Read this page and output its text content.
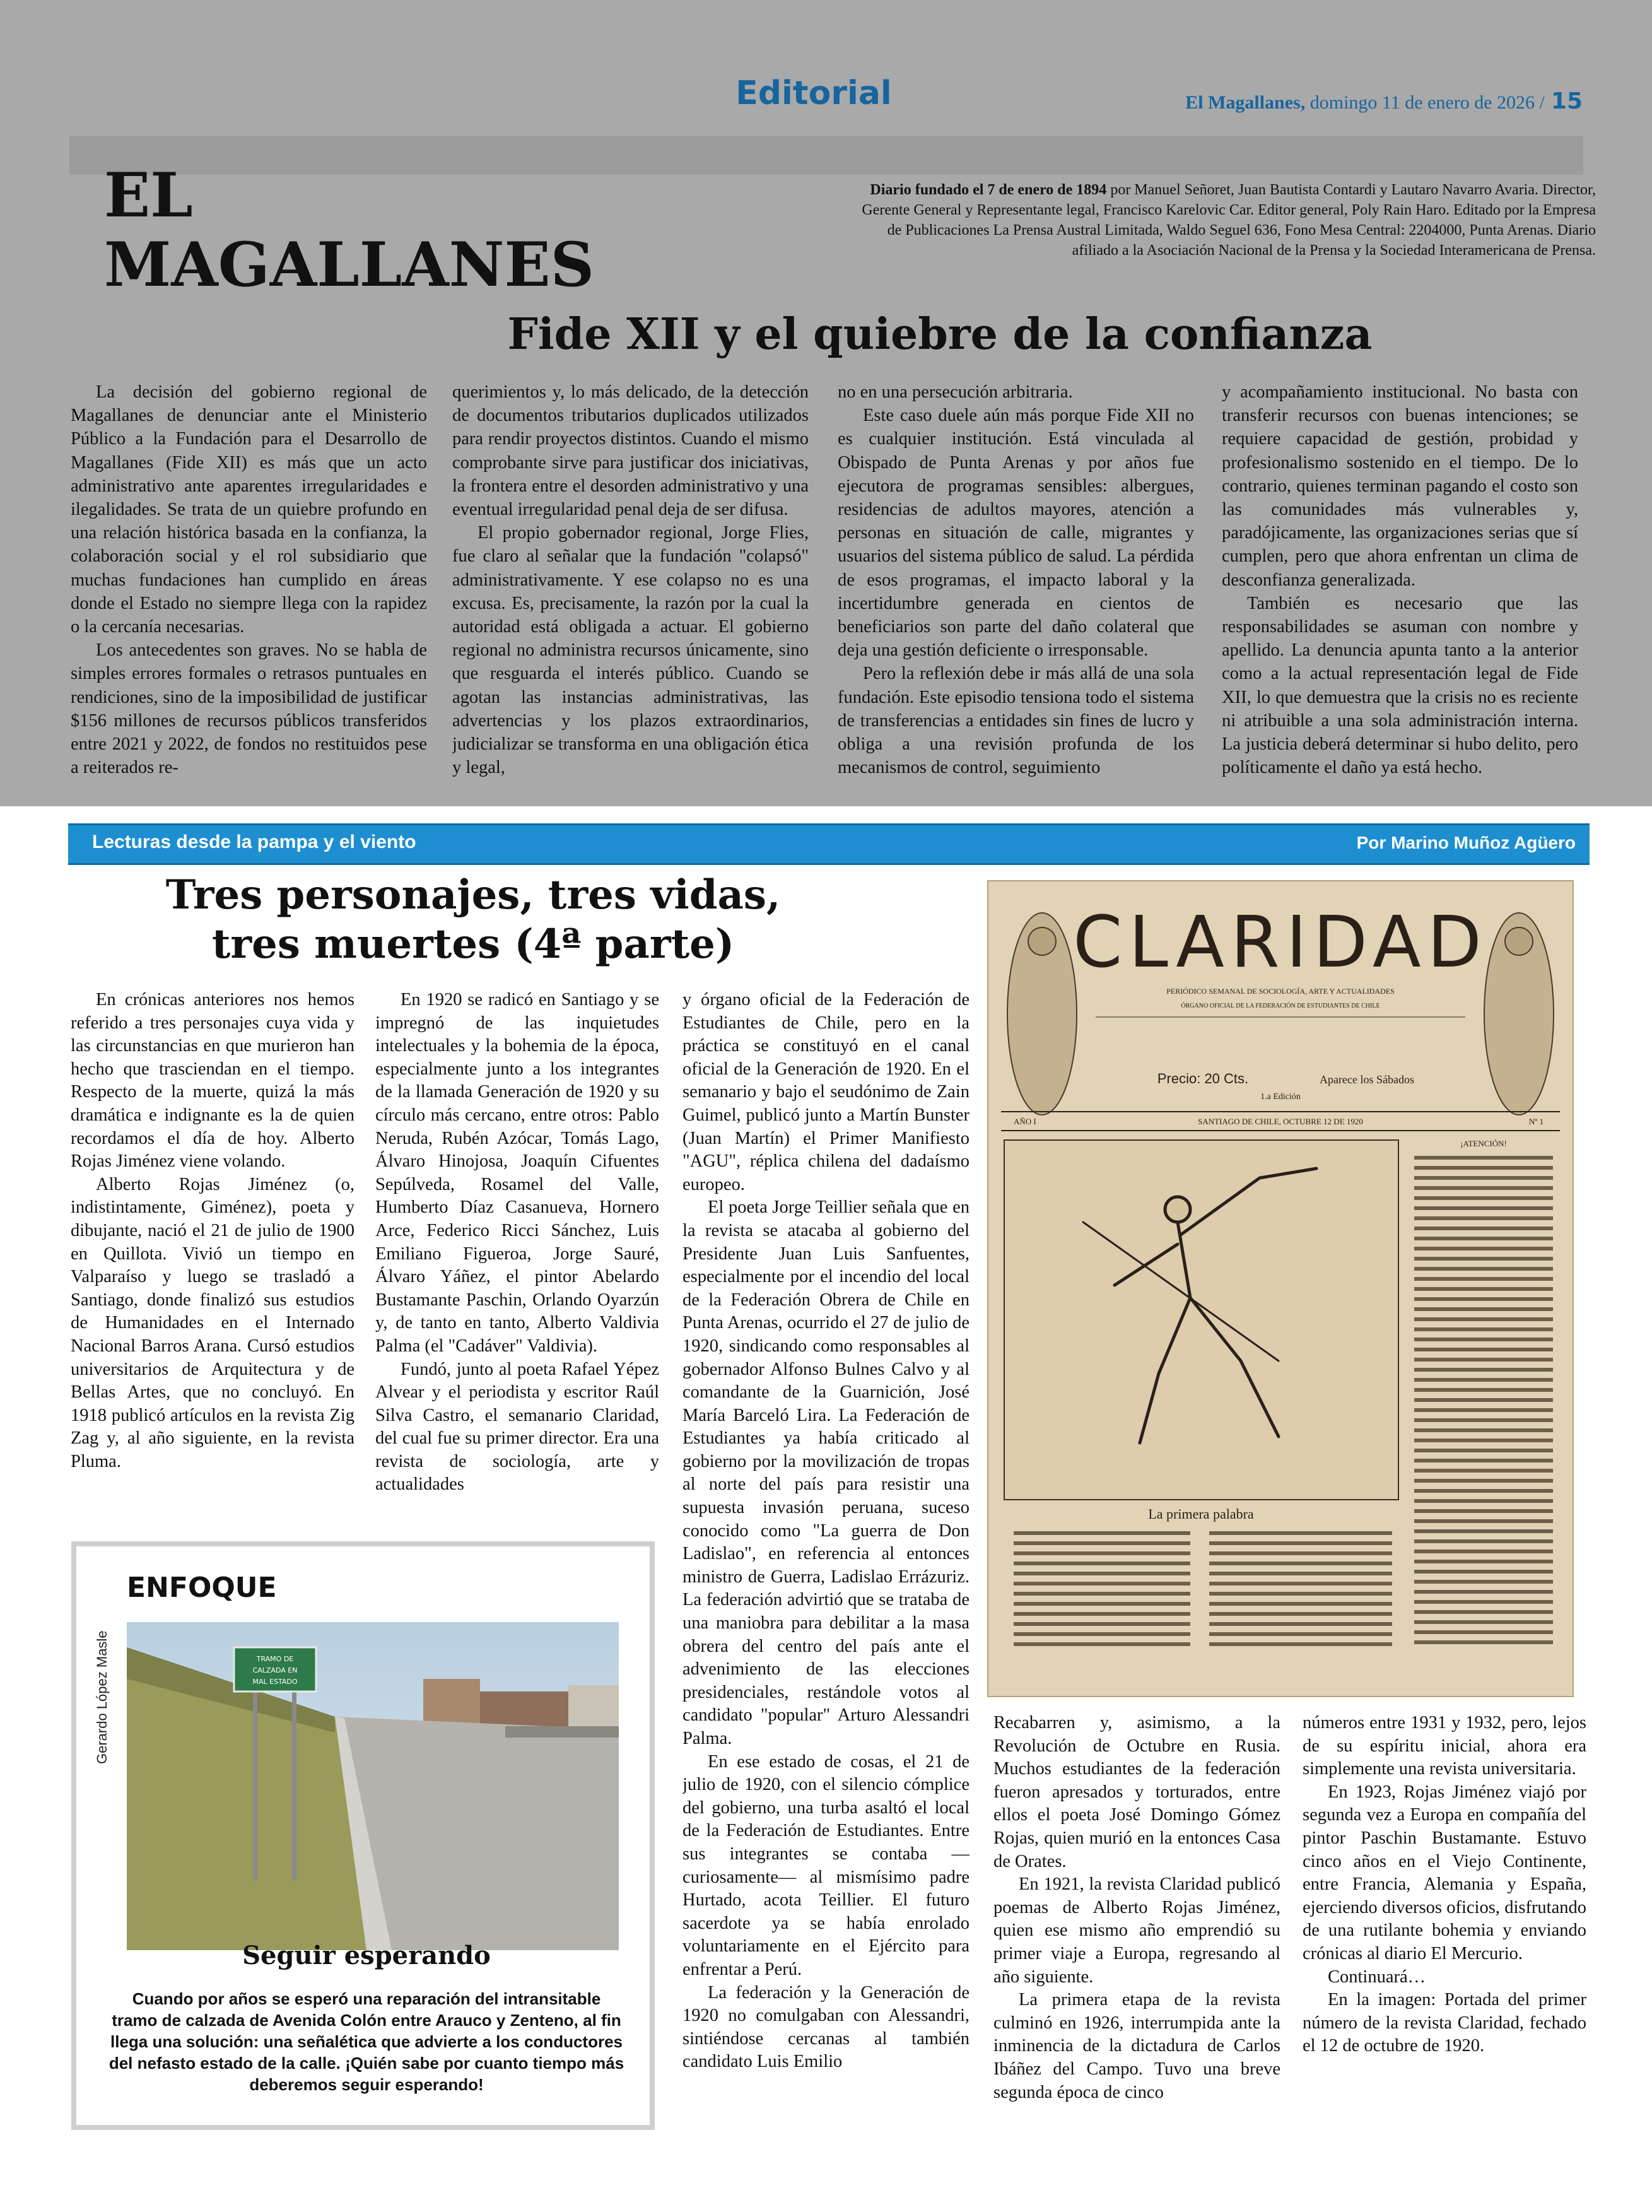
Editorial	El Magallanes, domingo 11 de enero de 2026 / 15
EL
MAGALLANES
Diario fundado el 7 de enero de 1894 por Manuel Señoret, Juan Bautista Contardi y Lautaro Navarro Avaria. Director, Gerente General y Representante legal, Francisco Karelovic Car. Editor general, Poly Rain Haro. Editado por la Empresa de Publicaciones La Prensa Austral Limitada, Waldo Seguel 636, Fono Mesa Central: 2204000, Punta Arenas. Diario afiliado a la Asociación Nacional de la Prensa y la Sociedad Interamericana de Prensa.
Fide XII y el quiebre de la confianza

La decisión del gobierno regional de Magallanes de denunciar ante el Ministerio Público a la Fundación para el Desarrollo de Magallanes (Fide XII) es más que un acto administrativo ante aparentes irregularidades e ilegalidades. Se trata de un quiebre profundo en una relación histórica basada en la confianza, la colaboración social y el rol subsidiario que muchas fundaciones han cumplido en áreas donde el Estado no siempre llega con la rapidez o la cercanía necesarias.

Los antecedentes son graves. No se habla de simples errores formales o retrasos puntuales en rendiciones, sino de la imposibilidad de justificar $156 millones de recursos públicos transferidos entre 2021 y 2022, de fondos no restituidos pese a reiterados re-

querimientos y, lo más delicado, de la detección de documentos tributarios duplicados utilizados para rendir proyectos distintos. Cuando el mismo comprobante sirve para justificar dos iniciativas, la frontera entre el desorden administrativo y una eventual irregularidad penal deja de ser difusa.

El propio gobernador regional, Jorge Flies, fue claro al señalar que la fundación "colapsó" administrativamente. Y ese colapso no es una excusa. Es, precisamente, la razón por la cual la autoridad está obligada a actuar. El gobierno regional no administra recursos únicamente, sino que resguarda el interés público. Cuando se agotan las instancias administrativas, las advertencias y los plazos extraordinarios, judicializar se transforma en una obligación ética y legal,

no en una persecución arbitraria.

Este caso duele aún más porque Fide XII no es cualquier institución. Está vinculada al Obispado de Punta Arenas y por años fue ejecutora de programas sensibles: albergues, residencias de adultos mayores, atención a personas en situación de calle, migrantes y usuarios del sistema público de salud. La pérdida de esos programas, el impacto laboral y la incertidumbre generada en cientos de beneficiarios son parte del daño colateral que deja una gestión deficiente o irresponsable.

Pero la reflexión debe ir más allá de una sola fundación. Este episodio tensiona todo el sistema de transferencias a entidades sin fines de lucro y obliga a una revisión profunda de los mecanismos de control, seguimiento

y acompañamiento institucional. No basta con transferir recursos con buenas intenciones; se requiere capacidad de gestión, probidad y profesionalismo sostenido en el tiempo. De lo contrario, quienes terminan pagando el costo son las comunidades más vulnerables y, paradójicamente, las organizaciones serias que sí cumplen, pero que ahora enfrentan un clima de desconfianza generalizada.

También es necesario que las responsabilidades se asuman con nombre y apellido. La denuncia apunta tanto a la anterior como a la actual representación legal de Fide XII, lo que demuestra que la crisis no es reciente ni atribuible a una sola administración interna. La justicia deberá determinar si hubo delito, pero políticamente el daño ya está hecho.

Lecturas desde la pampa y el viento	Por Marino Muñoz Agüero
Tres personajes, tres vidas,
tres muertes (4ª parte)

En crónicas anteriores nos hemos referido a tres personajes cuya vida y las circunstancias en que murieron han hecho que trasciendan en el tiempo. Respecto de la muerte, quizá la más dramática e indignante es la de quien recordamos el día de hoy. Alberto Rojas Jiménez viene volando.

Alberto Rojas Jiménez (o, indistintamente, Giménez), poeta y dibujante, nació el 21 de julio de 1900 en Quillota. Vivió un tiempo en Valparaíso y luego se trasladó a Santiago, donde finalizó sus estudios de Humanidades en el Internado Nacional Barros Arana. Cursó estudios universitarios de Arquitectura y de Bellas Artes, que no concluyó. En 1918 publicó artículos en la revista Zig Zag y, al año siguiente, en la revista Pluma.

En 1920 se radicó en Santiago y se impregnó de las inquietudes intelectuales y la bohemia de la época, especialmente junto a los integrantes de la llamada Generación de 1920 y su círculo más cercano, entre otros: Pablo Neruda, Rubén Azócar, Tomás Lago, Álvaro Hinojosa, Joaquín Cifuentes Sepúlveda, Rosamel del Valle, Humberto Díaz Casanueva, Hornero Arce, Federico Ricci Sánchez, Luis Emiliano Figueroa, Jorge Sauré, Álvaro Yáñez, el pintor Abelardo Bustamante Paschin, Orlando Oyarzún y, de tanto en tanto, Alberto Valdivia Palma (el "Cadáver" Valdivia).

Fundó, junto al poeta Rafael Yépez Alvear y el periodista y escritor Raúl Silva Castro, el semanario Claridad, del cual fue su primer director. Era una revista de sociología, arte y actualidades

y órgano oficial de la Federación de Estudiantes de Chile, pero en la práctica se constituyó en el canal oficial de la Generación de 1920. En el semanario y bajo el seudónimo de Zain Guimel, publicó junto a Martín Bunster (Juan Martín) el Primer Manifiesto "AGU", réplica chilena del dadaísmo europeo.

El poeta Jorge Teillier señala que en la revista se atacaba al gobierno del Presidente Juan Luis Sanfuentes, especialmente por el incendio del local de la Federación Obrera de Chile en Punta Arenas, ocurrido el 27 de julio de 1920, sindicando como responsables al gobernador Alfonso Bulnes Calvo y al comandante de la Guarnición, José María Barceló Lira. La Federación de Estudiantes ya había criticado al gobierno por la movilización de tropas al norte del país para resistir una supuesta invasión peruana, suceso conocido como "La guerra de Don Ladislao", en referencia al entonces ministro de Guerra, Ladislao Errázuriz. La federación advirtió que se trataba de una maniobra para debilitar a la masa obrera del centro del país ante el advenimiento de las elecciones presidenciales, restándole votos al candidato "popular" Arturo Alessandri Palma.

En ese estado de cosas, el 21 de julio de 1920, con el silencio cómplice del gobierno, una turba asaltó el local de la Federación de Estudiantes. Entre sus integrantes se contaba —curiosamente— al mismísimo padre Hurtado, acota Teillier. El futuro sacerdote ya se había enrolado voluntariamente en el Ejército para enfrentar a Perú.

La federación y la Generación de 1920 no comulgaban con Alessandri, sintiéndose cercanas al también candidato Luis Emilio

Recabarren y, asimismo, a la Revolución de Octubre en Rusia. Muchos estudiantes de la federación fueron apresados y torturados, entre ellos el poeta José Domingo Gómez Rojas, quien murió en la entonces Casa de Orates.

En 1921, la revista Claridad publicó poemas de Alberto Rojas Jiménez, quien ese mismo año emprendió su primer viaje a Europa, regresando al año siguiente.

La primera etapa de la revista culminó en 1926, interrumpida ante la inminencia de la dictadura de Carlos Ibáñez del Campo. Tuvo una breve segunda época de cinco

números entre 1931 y 1932, pero, lejos de su espíritu inicial, ahora era simplemente una revista universitaria.

En 1923, Rojas Jiménez viajó por segunda vez a Europa en compañía del pintor Paschin Bustamante. Estuvo cinco años en el Viejo Continente, entre Francia, Alemania y España, ejerciendo diversos oficios, disfrutando de una rutilante bohemia y enviando crónicas al diario El Mercurio.

Continuará…

En la imagen: Portada del primer número de la revista Claridad, fechado el 12 de octubre de 1920.

ENFOQUE
Gerardo López Masle	TRAMO DE
CALZADA EN
MAL ESTADO
Seguir esperando
Cuando por años se esperó una reparación del intransitable tramo de calzada de Avenida Colón entre Arauco y Zenteno, al fin llega una solución: una señalética que advierte a los conductores del nefasto estado de la calle. ¡Quién sabe por cuanto tiempo más deberemos seguir esperando!
CLARIDAD
PERIÓDICO SEMANAL DE SOCIOLOGÍA, ARTE Y ACTUALIDADES
ÓRGANO OFICIAL DE LA FEDERACIÓN DE ESTUDIANTES DE CHILE
Precio: 20 Cts.	Aparece los Sábados
1.a Edición
AÑO I	SANTIAGO DE CHILE, OCTUBRE 12 DE 1920	Nº 1
La primera palabra
¡ATENCIÓN!
